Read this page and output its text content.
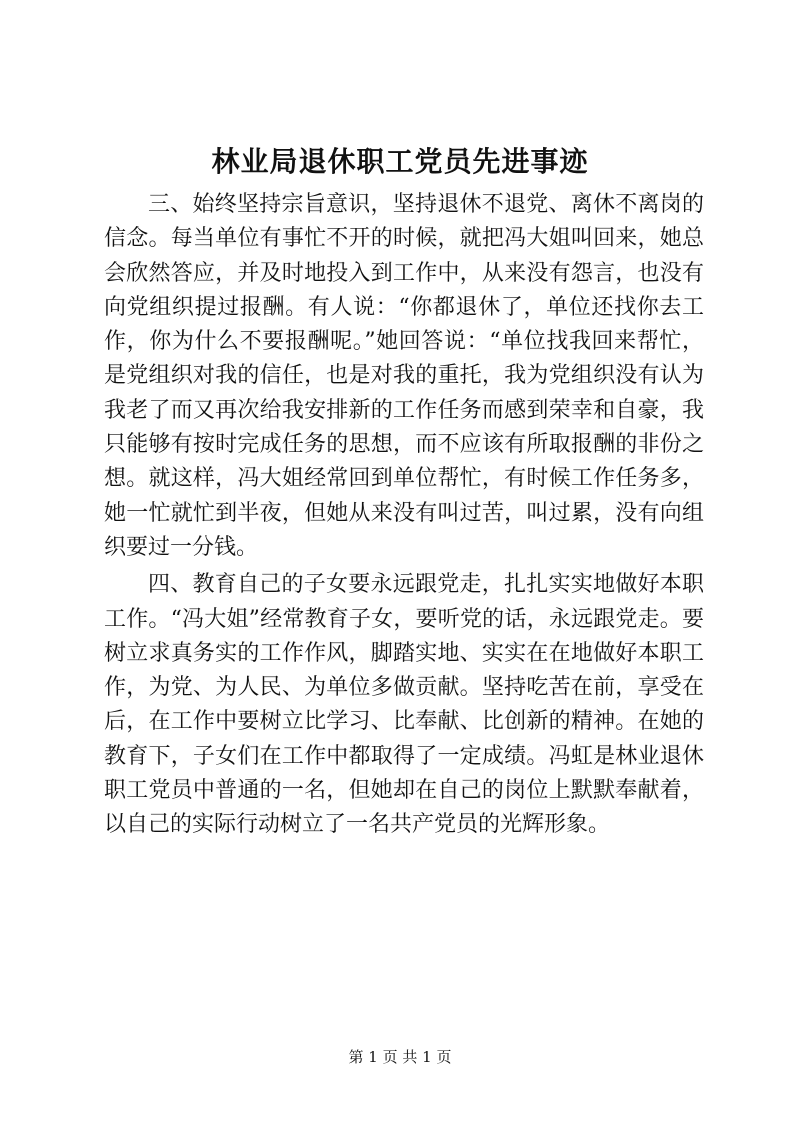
林业局退休职工党员先进事迹

三、始终坚持宗旨意识，坚持退休不退党、离休不离岗的信念。每当单位有事忙不开的时候，就把冯大姐叫回来，她总会欣然答应，并及时地投入到工作中，从来没有怨言，也没有向党组织提过报酬。有人说：“你都退休了，单位还找你去工作，你为什么不要报酬呢。”她回答说：“单位找我回来帮忙，是党组织对我的信任，也是对我的重托，我为党组织没有认为我老了而又再次给我安排新的工作任务而感到荣幸和自豪，我只能够有按时完成任务的思想，而不应该有所取报酬的非份之想。就这样，冯大姐经常回到单位帮忙，有时候工作任务多，她一忙就忙到半夜，但她从来没有叫过苦，叫过累，没有向组织要过一分钱。

四、教育自己的子女要永远跟党走，扎扎实实地做好本职工作。“冯大姐”经常教育子女，要听党的话，永远跟党走。要树立求真务实的工作作风，脚踏实地、实实在在地做好本职工作，为党、为人民、为单位多做贡献。坚持吃苦在前，享受在后，在工作中要树立比学习、比奉献、比创新的精神。在她的教育下，子女们在工作中都取得了一定成绩。冯虹是林业退休职工党员中普通的一名，但她却在自己的岗位上默默奉献着，以自己的实际行动树立了一名共产党员的光辉形象。

第 1 页 共 1 页
